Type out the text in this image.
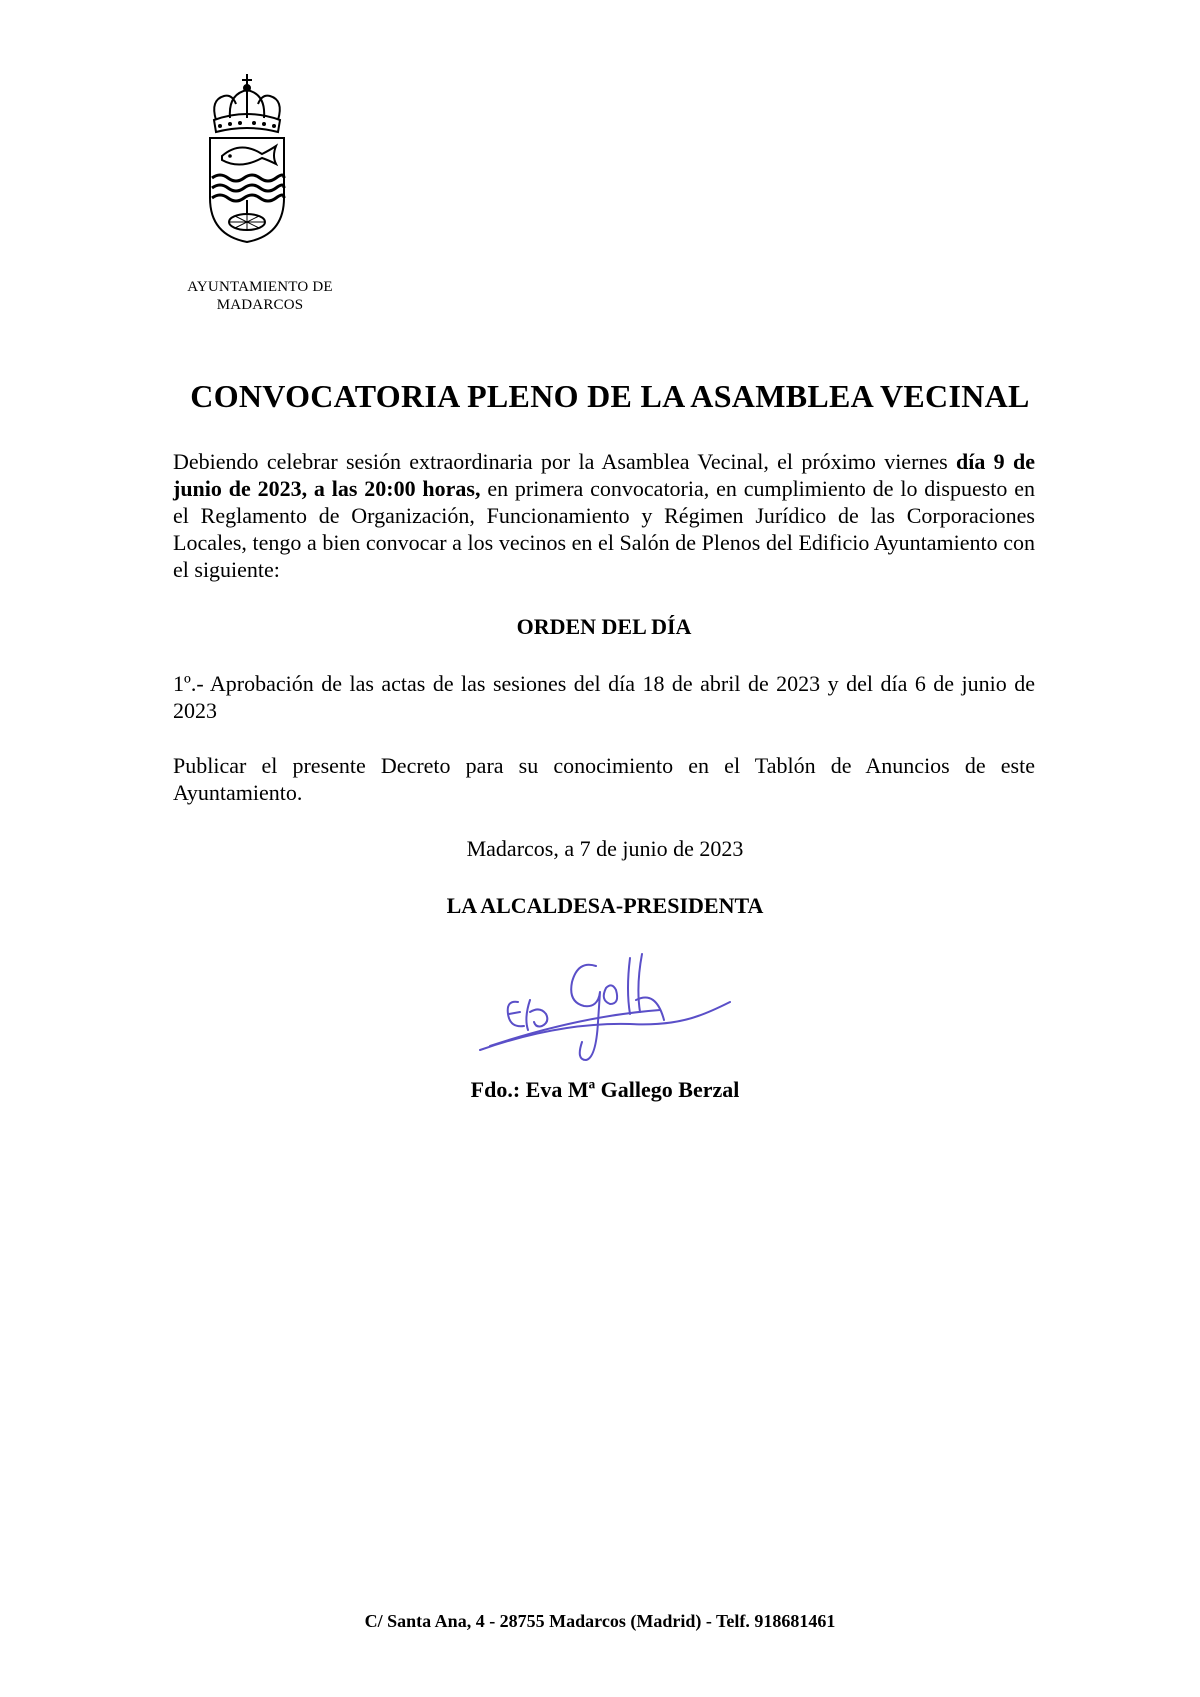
AYUNTAMIENTO DE
MADARCOS
CONVOCATORIA PLENO DE LA ASAMBLEA VECINAL

Debiendo celebrar sesión extraordinaria por la Asamblea Vecinal, el próximo viernes día 9 de junio de 2023, a las 20:00 horas, en primera convocatoria, en cumplimiento de lo dispuesto en el Reglamento de Organización, Funcionamiento y Régimen Jurídico de las Corporaciones Locales, tengo a bien convocar a los vecinos en el Salón de Plenos del Edificio Ayuntamiento con el siguiente:

ORDEN DEL DÍA

1º.- Aprobación de las actas de las sesiones del día 18 de abril de 2023 y del día 6 de junio de 2023

Publicar el presente Decreto para su conocimiento en el Tablón de Anuncios de este Ayuntamiento.

Madarcos, a 7 de junio de 2023

LA ALCALDESA-PRESIDENTA

Fdo.: Eva Mª Gallego Berzal

C/ Santa Ana, 4 - 28755 Madarcos (Madrid) - Telf. 918681461
